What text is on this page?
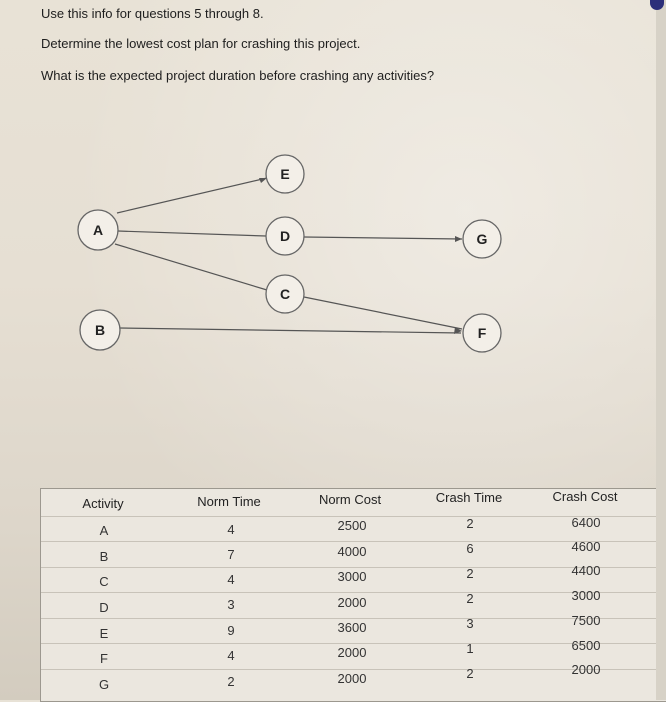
Use this info for questions 5 through 8.
Determine the lowest cost plan for crashing this project.
What is the expected project duration before crashing any activities?
E
A	D	G
C
B	F
Activity	Norm Time	Norm Cost	Crash Time	Crash Cost
A	4	2500	2	6400
B	7	4000	6	4600
C	4	3000	2	4400
D	3	2000	2	3000
E	9	3600	3	7500
F	4	2000	1	6500
G	2	2000	2	2000
